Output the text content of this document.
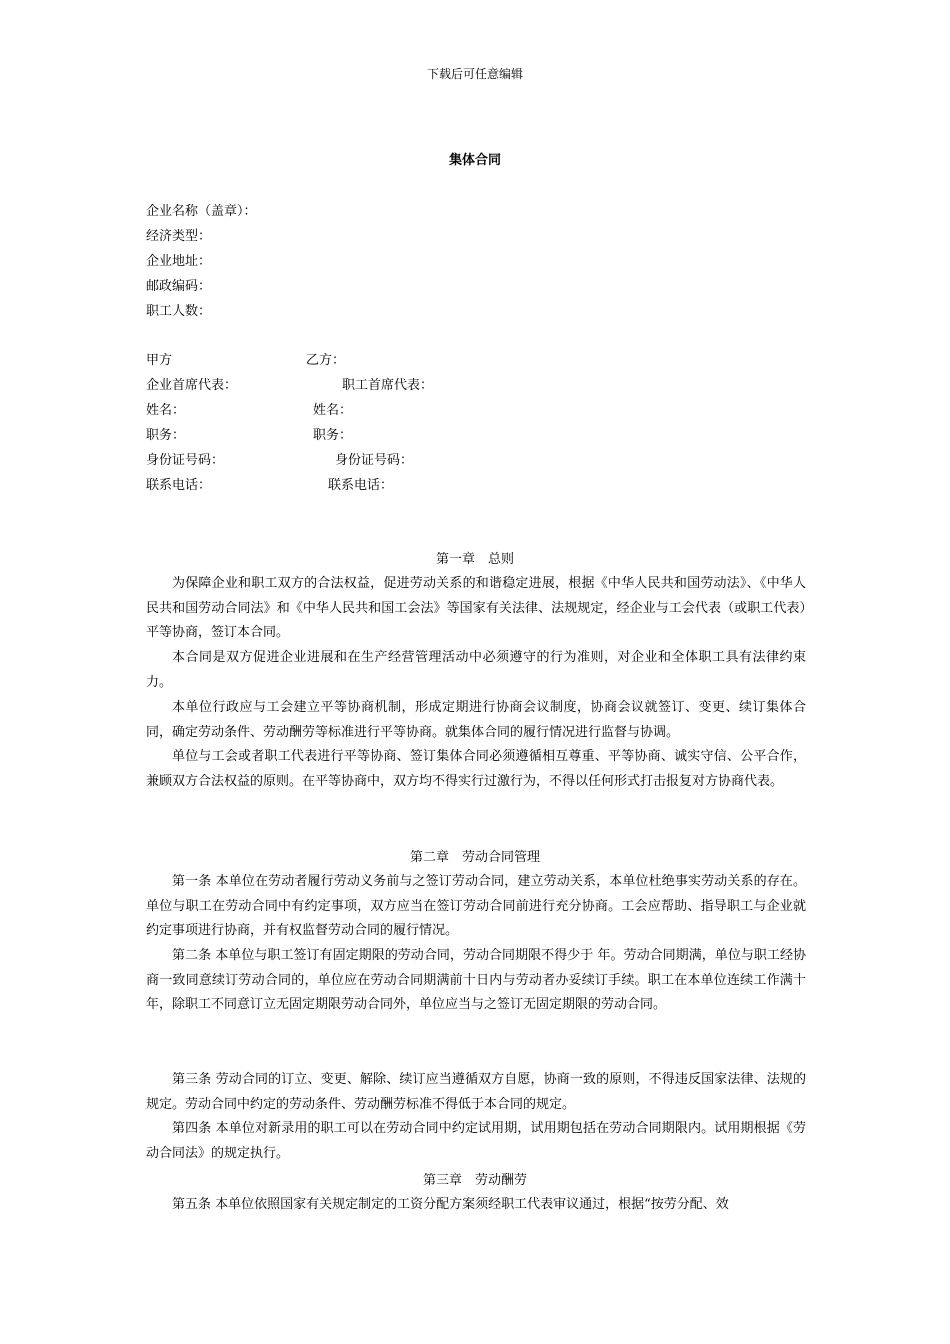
下载后可任意编辑
集体合同
企业名称（盖章）：
经济类型：
企业地址：
邮政编码：
职工人数：
甲方	乙方：
企业首席代表：	职工首席代表：
姓名：	姓名：
职务：	职务：
身份证号码：	身份证号码：
联系电话：	联系电话：
第一章　总则

为保障企业和职工双方的合法权益，促进劳动关系的和谐稳定进展，根据《中华人民共和国劳动法》、《中华人民共和国劳动合同法》和《中华人民共和国工会法》等国家有关法律、法规规定，经企业与工会代表（或职工代表）平等协商，签订本合同。

本合同是双方促进企业进展和在生产经营管理活动中必须遵守的行为准则，对企业和全体职工具有法律约束力。

本单位行政应与工会建立平等协商机制，形成定期进行协商会议制度，协商会议就签订、变更、续订集体合同，确定劳动条件、劳动酬劳等标准进行平等协商。就集体合同的履行情况进行监督与协调。

单位与工会或者职工代表进行平等协商、签订集体合同必须遵循相互尊重、平等协商、诚实守信、公平合作，兼顾双方合法权益的原则。在平等协商中，双方均不得实行过激行为，不得以任何形式打击报复对方协商代表。

第二章　劳动合同管理

第一条 本单位在劳动者履行劳动义务前与之签订劳动合同，建立劳动关系，本单位杜绝事实劳动关系的存在。单位与职工在劳动合同中有约定事项，双方应当在签订劳动合同前进行充分协商。工会应帮助、指导职工与企业就约定事项进行协商，并有权监督劳动合同的履行情况。

第二条 本单位与职工签订有固定期限的劳动合同，劳动合同期限不得少于 年。劳动合同期满，单位与职工经协商一致同意续订劳动合同的，单位应在劳动合同期满前十日内与劳动者办妥续订手续。职工在本单位连续工作满十年，除职工不同意订立无固定期限劳动合同外，单位应当与之签订无固定期限的劳动合同。

第三条 劳动合同的订立、变更、解除、续订应当遵循双方自愿，协商一致的原则，不得违反国家法律、法规的规定。劳动合同中约定的劳动条件、劳动酬劳标准不得低于本合同的规定。

第四条 本单位对新录用的职工可以在劳动合同中约定试用期，试用期包括在劳动合同期限内。试用期根据《劳动合同法》的规定执行。

第三章　劳动酬劳

第五条 本单位依照国家有关规定制定的工资分配方案须经职工代表审议通过，根据“按劳分配、效
